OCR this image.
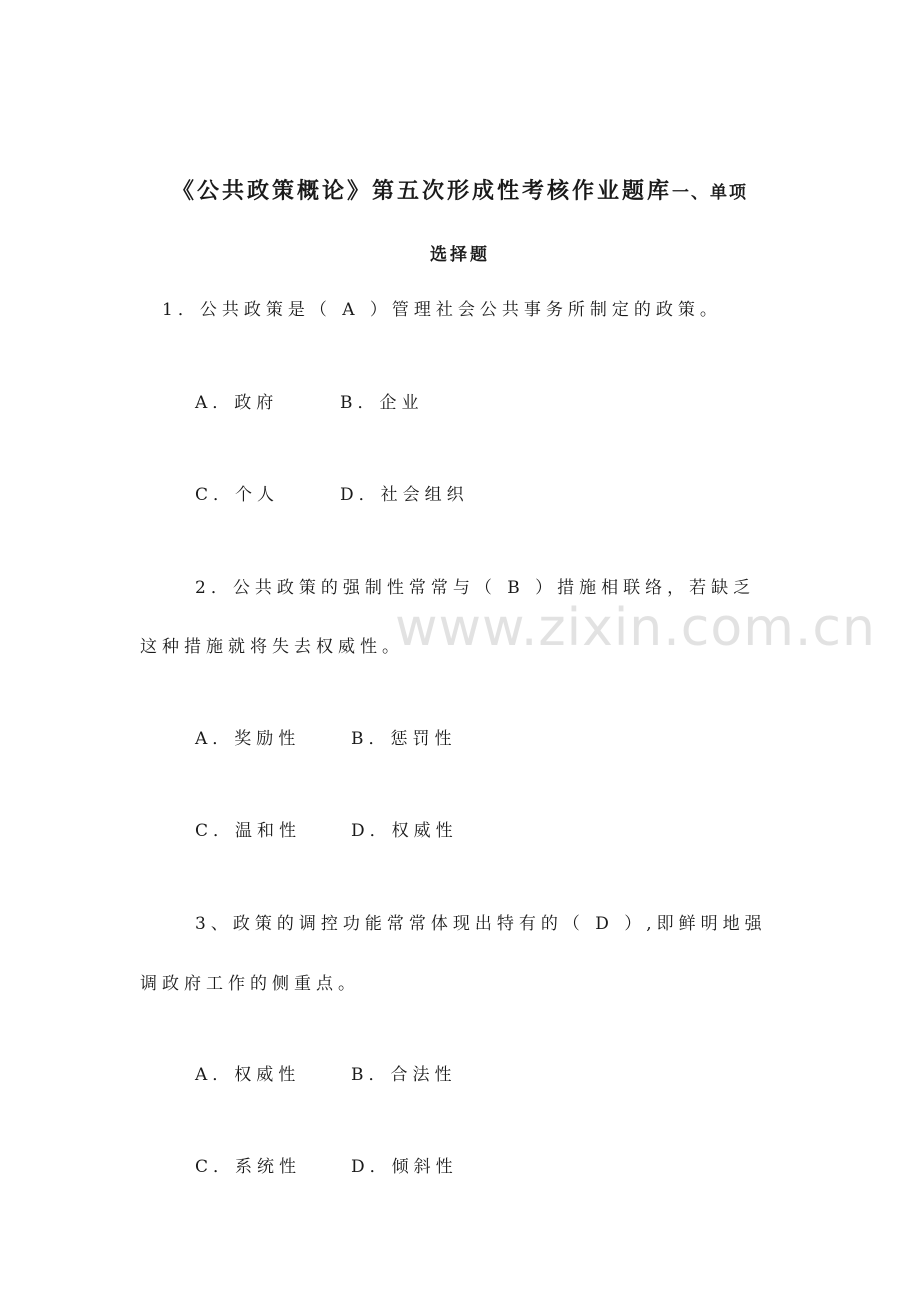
《公共政策概论》第五次形成性考核作业题库一、单项
选择题
1．公共政策是（ A ）管理社会公共事务所制定的政策。
A．政府	B．企业
C．个人	D．社会组织
2．公共政策的强制性常常与（ B ）措施相联络，若缺乏
这种措施就将失去权威性。
A．奖励性	B．惩罚性
C．温和性	D．权威性
3、政策的调控功能常常体现出特有的（ D ）,即鲜明地强
调政府工作的侧重点。
A．权威性	B．合法性
C．系统性	D．倾斜性
www.zixin.com.cn
